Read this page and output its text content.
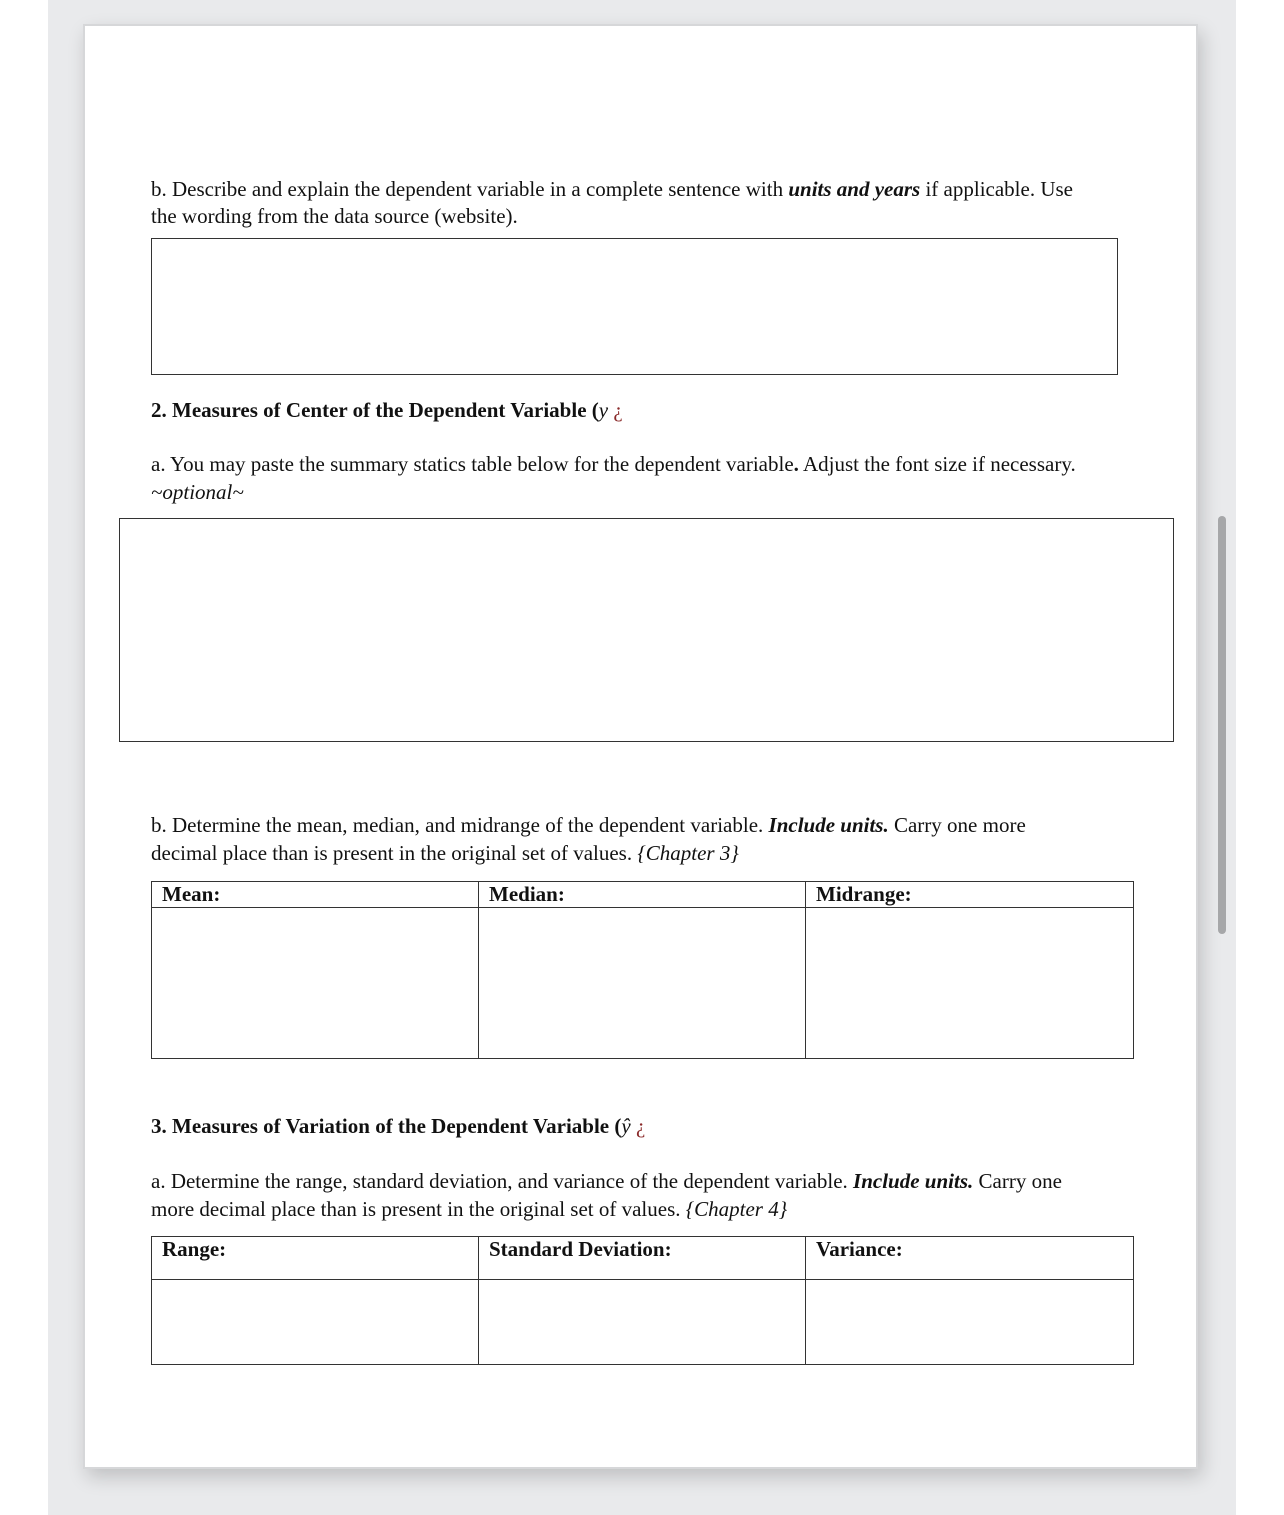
b. Describe and explain the dependent variable in a complete sentence with units and years if applicable. Use
the wording from the data source (website).
2. Measures of Center of the Dependent Variable (y ¿
a. You may paste the summary statics table below for the dependent variable. Adjust the font size if necessary.
~optional~
b. Determine the mean, median, and midrange of the dependent variable. Include units. Carry one more
decimal place than is present in the original set of values. {Chapter 3}
Mean:	Median:	Midrange:

3. Measures of Variation of the Dependent Variable (ŷ ¿
a. Determine the range, standard deviation, and variance of the dependent variable. Include units. Carry one
more decimal place than is present in the original set of values. {Chapter 4}
Range:	Standard Deviation:	Variance:
